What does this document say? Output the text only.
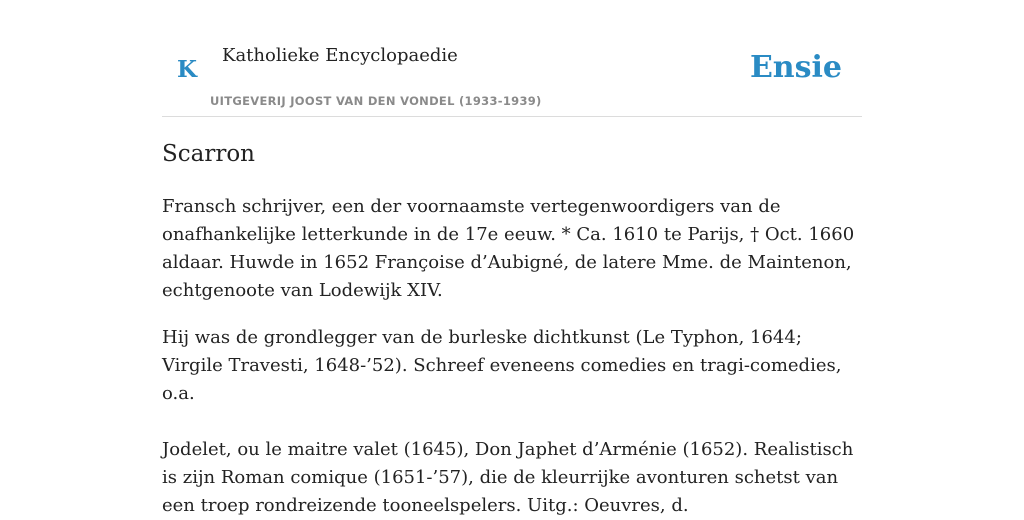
K
Katholieke Encyclopaedie
UITGEVERIJ JOOST VAN DEN VONDEL (1933-1939)
Ensie
Scarron

Fransch schrijver, een der voornaamste vertegenwoordigers van de onafhankelijke letterkunde in de 17e eeuw. * Ca. 1610 te Parijs, † Oct. 1660 aldaar. Huwde in 1652 Françoise d’Aubigné, de latere Mme. de Maintenon, echtgenoote van Lodewijk XIV.

Hij was de grondlegger van de burleske dichtkunst (Le Typhon, 1644; Virgile Travesti, 1648-’52). Schreef eveneens comedies en tragi-comedies, o.a.

Jodelet, ou le maitre valet (1645), Don Japhet d’Arménie (1652). Realistisch is zijn Roman comique (1651-’57), die de kleurrijke avonturen schetst van een troep rondreizende tooneelspelers. Uitg.: Oeuvres, d.
